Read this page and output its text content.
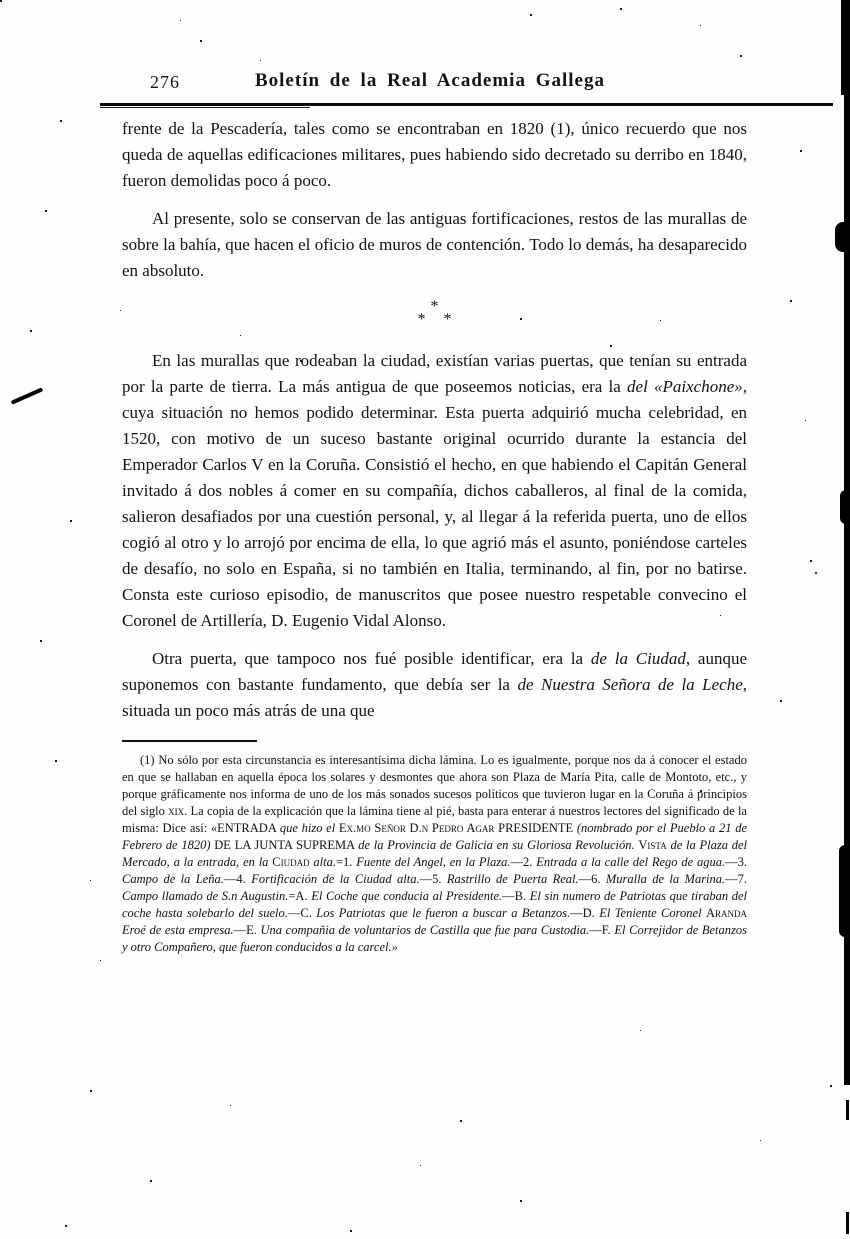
276	Boletín de la Real Academia Gallega

frente de la Pescadería, tales como se encontraban en 1820 (1), único recuerdo que nos queda de aquellas edificaciones militares, pues habiendo sido decretado su derribo en 1840, fueron demolidas poco á poco.

Al presente, solo se conservan de las antiguas fortificaciones, restos de las murallas de sobre la bahía, que hacen el oficio de muros de contención. Todo lo demás, ha desaparecido en absoluto.

*
* *

En las murallas que rodeaban la ciudad, existían varias puertas, que tenían su entrada por la parte de tierra. La más antigua de que poseemos noticias, era la del «Paixchone», cuya situación no hemos podido determinar. Esta puerta adquirió mucha celebridad, en 1520, con motivo de un suceso bastante original ocurrido durante la estancia del Emperador Carlos V en la Coruña. Consistió el hecho, en que habiendo el Capitán General invitado á dos nobles á comer en su compañía, dichos caballeros, al final de la comida, salieron desafiados por una cuestión personal, y, al llegar á la referida puerta, uno de ellos cogió al otro y lo arrojó por encima de ella, lo que agrió más el asunto, poniéndose carteles de desafío, no solo en España, si no también en Italia, terminando, al fin, por no batirse. Consta este curioso episodio, de manuscritos que posee nuestro respetable convecino el Coronel de Artillería, D. Eugenio Vidal Alonso.

Otra puerta, que tampoco nos fué posible identificar, era la de la Ciudad, aunque suponemos con bastante fundamento, que debía ser la de Nuestra Señora de la Leche, situada un poco más atrás de una que

(1) No sólo por esta circunstancia es interesantísima dicha lámina. Lo es igualmente, porque nos da á conocer el estado en que se hallaban en aquella época los solares y desmontes que ahora son Plaza de María Pita, calle de Montoto, etc., y porque gráficamente nos informa de uno de los más sonados sucesos políticos que tuvieron lugar en la Coruña á principios del siglo xix. La copia de la explicación que la lámina tiene al pié, basta para enterar á nuestros lectores del significado de la misma: Dice así: «ENTRADA que hizo el Ex.mo Señor D.n Pedro Agar PRESIDENTE (nombrado por el Pueblo a 21 de Febrero de 1820) DE LA JUNTA SUPREMA de la Provincia de Galicia en su Gloriosa Revolución. Vista de la Plaza del Mercado, a la entrada, en la Ciudad alta.=1. Fuente del Angel, en la Plaza.—2. Entrada a la calle del Rego de agua.—3. Campo de la Leña.—4. Fortificación de la Ciudad alta.—5. Rastrillo de Puerta Real.—6. Muralla de la Marina.—7. Campo llamado de S.n Augustin.=A. El Coche que conducia al Presidente.—B. El sin numero de Patriotas que tiraban del coche hasta solebarlo del suelo.—C. Los Patriotas que le fueron a buscar a Betanzos.—D. El Teniente Coronel Aranda Eroé de esta empresa.—E. Una compañia de voluntarios de Castilla que fue para Custodia.—F. El Correjidor de Betanzos y otro Compañero, que fueron conducidos a la carcel.»
